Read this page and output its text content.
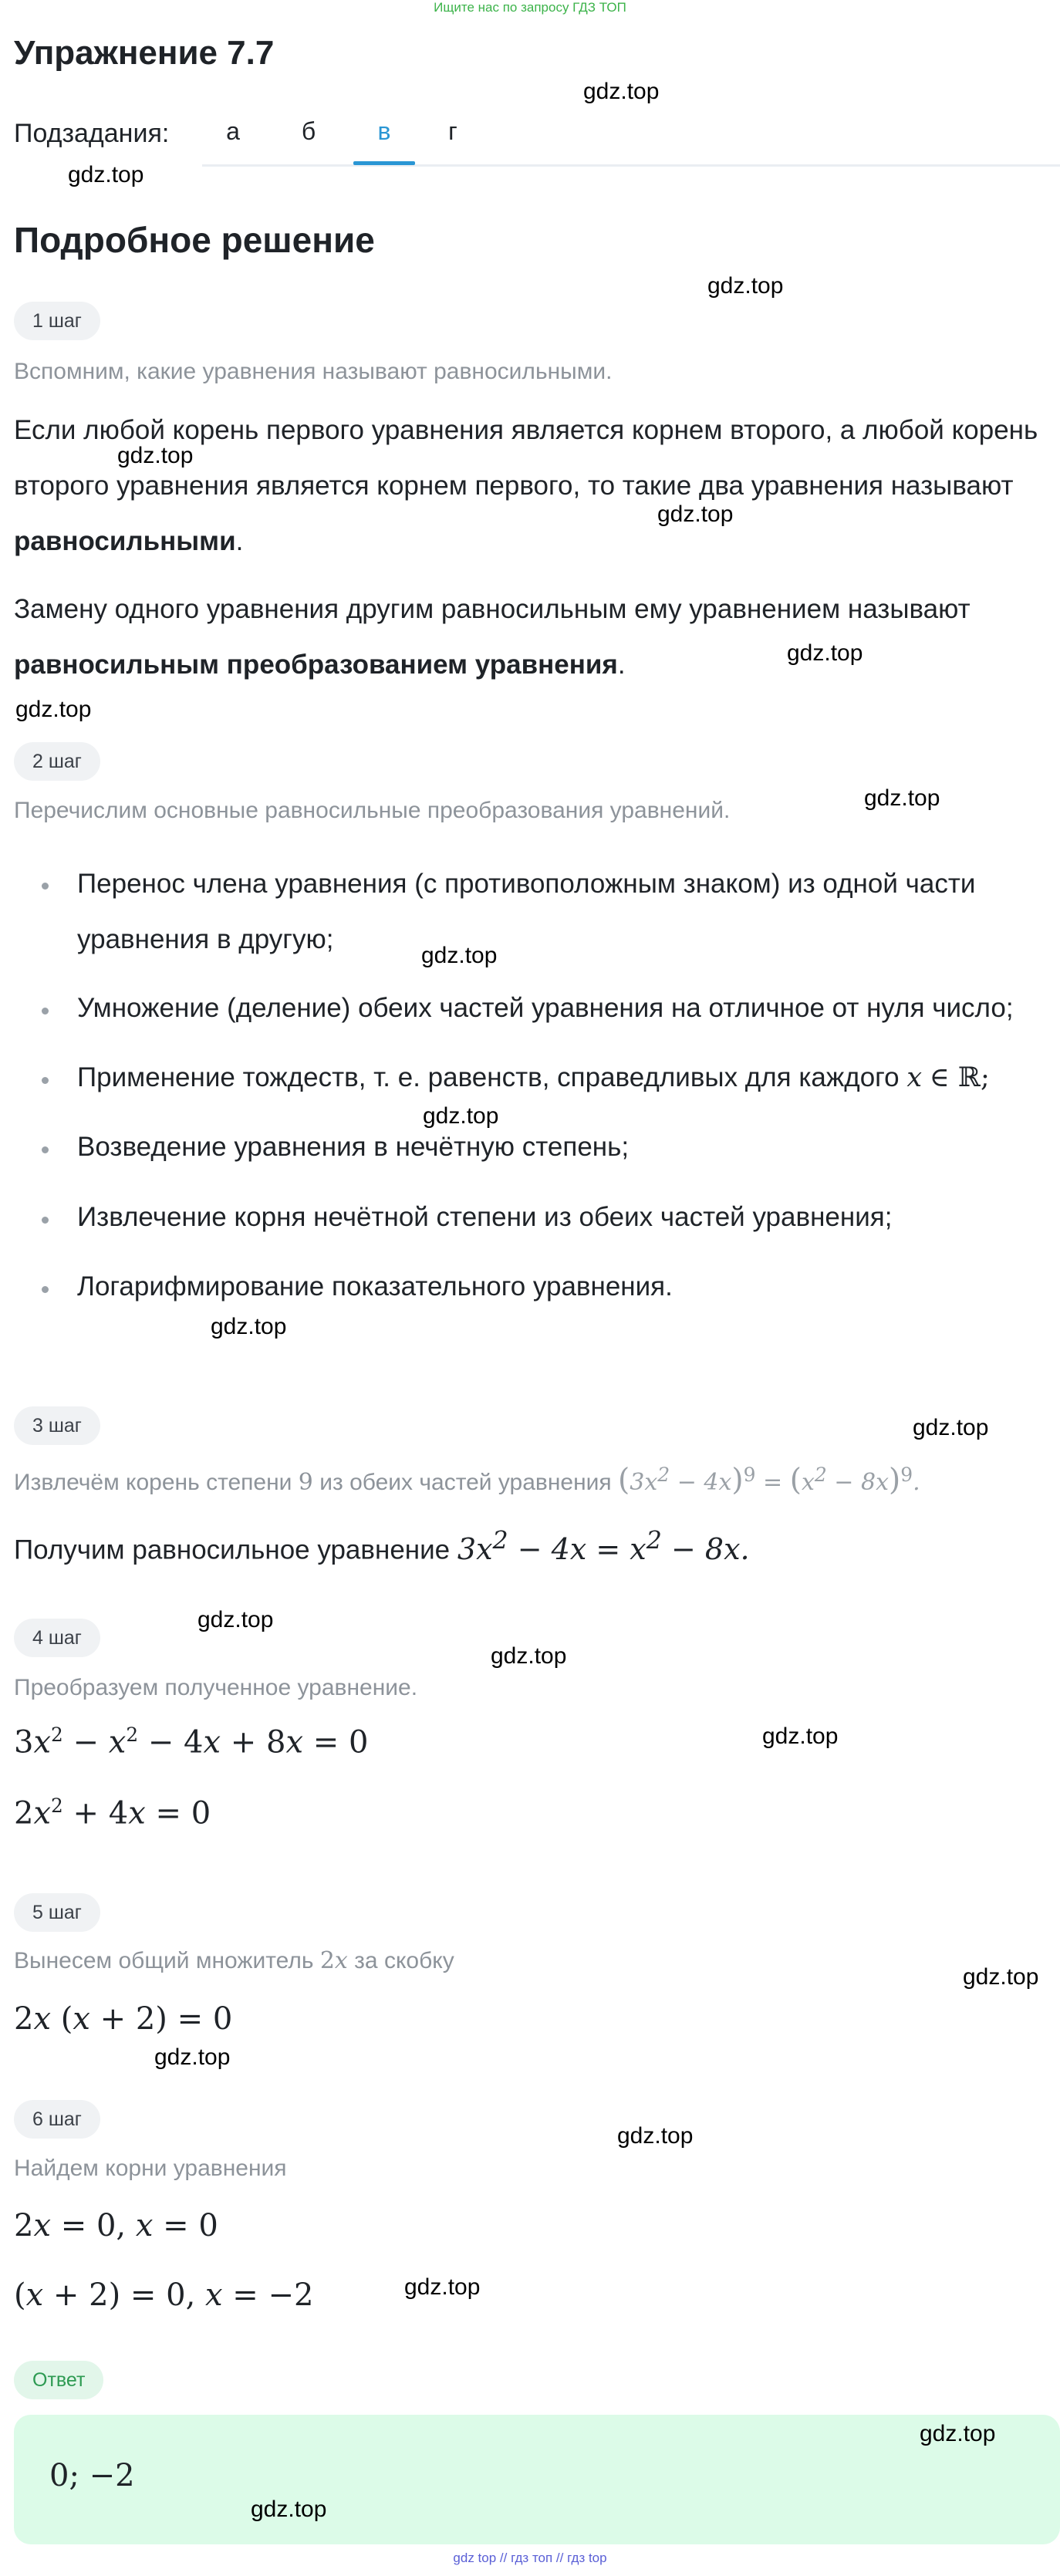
Ищите нас по запросу ГДЗ ТОП
Упражнение 7.7
Подзадания:	а	б	в	г
Подробное решение
1 шаг
Вспомним, какие уравнения называют равносильными.
Если любой корень первого уравнения является корнем второго, а любой корень второго уравнения является корнем первого, то такие два уравнения называют равносильными.
Замену одного уравнения другим равносильным ему уравнением называют равносильным преобразованием уравнения.
2 шаг
Перечислим основные равносильные преобразования уравнений.
Перенос члена уравнения (с противоположным знаком) из одной части уравнения в другую;
Умножение (деление) обеих частей уравнения на отличное от нуля число;
Применение тождеств, т. е. равенств, справедливых для каждого x ∈ ℝ;
Возведение уравнения в нечётную степень;
Извлечение корня нечётной степени из обеих частей уравнения;
Логарифмирование показательного уравнения.
3 шаг
Извлечём корень степени 9 из обеих частей уравнения $(3x^2 - 4x)^9 = (x^2 - 8x)^9$.
Получим равносильное уравнение $3x^2 - 4x = x^2 - 8x$.
4 шаг
Преобразуем полученное уравнение.
$3x^2 - x^2 - 4x + 8x = 0$
$2x^2 + 4x = 0$
5 шаг
Вынесем общий множитель 2x за скобку
2x (x + 2) = 0
6 шаг
Найдем корни уравнения
2x = 0, x = 0
(x + 2) = 0, x = −2
Ответ
0; −2
gdz.top
gdz.top
gdz.top
gdz.top
gdz.top
gdz.top
gdz.top
gdz.top
gdz.top
gdz.top
gdz.top
gdz.top
gdz.top
gdz.top
gdz.top
gdz.top
gdz.top
gdz.top
gdz.top
gdz.top
gdz.top
gdz top // гдз топ // гдз top
